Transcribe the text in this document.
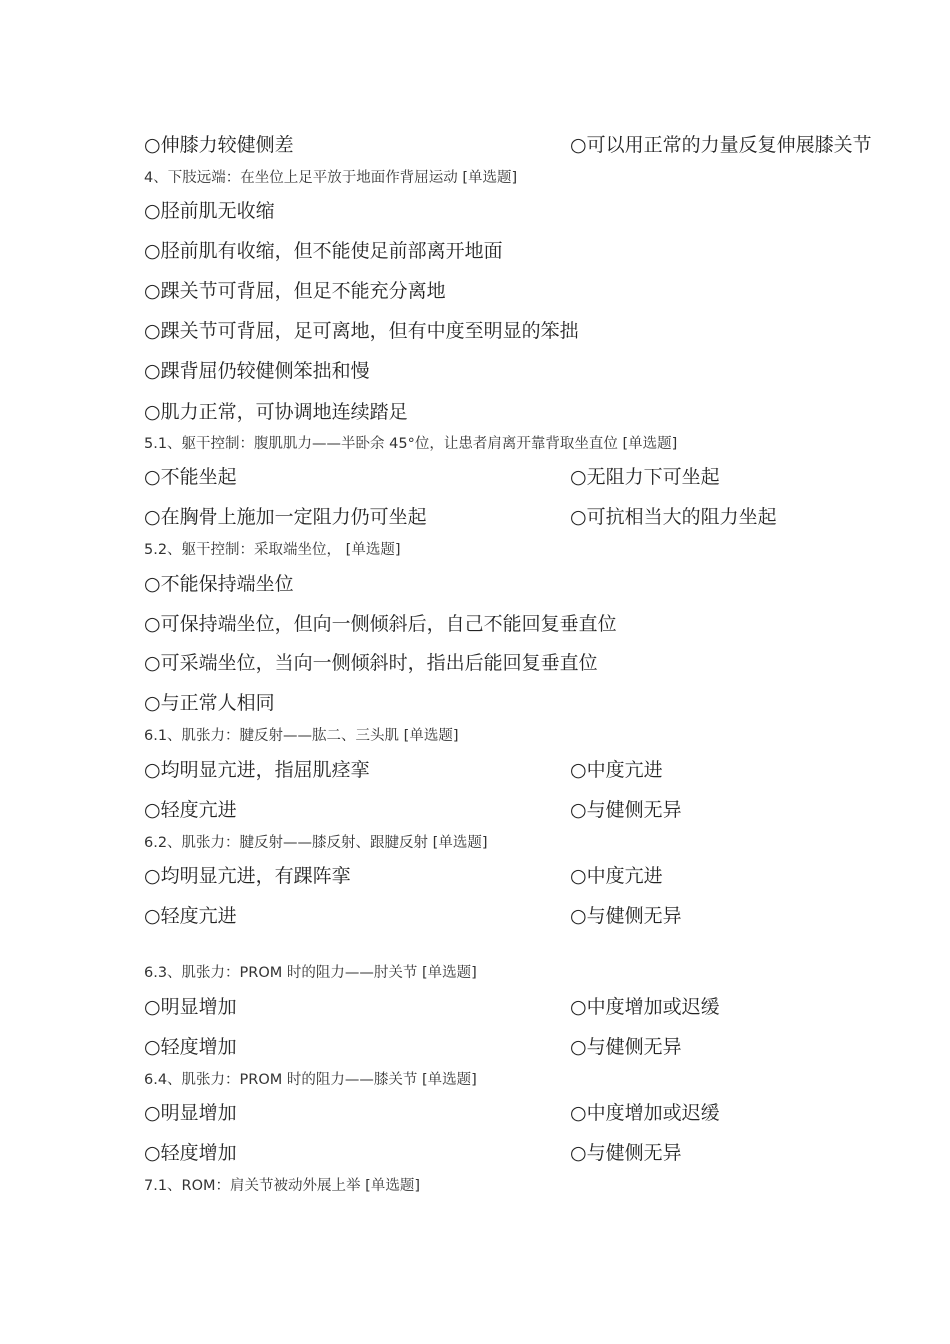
○伸膝力较健侧差	○可以用正常的力量反复伸展膝关节
4、下肢远端：在坐位上足平放于地面作背屈运动 [单选题]
○胫前肌无收缩
○胫前肌有收缩，但不能使足前部离开地面
○踝关节可背屈，但足不能充分离地
○踝关节可背屈，足可离地，但有中度至明显的笨拙
○踝背屈仍较健侧笨拙和慢
○肌力正常，可协调地连续踏足
5.1、躯干控制：腹肌肌力——半卧余 45°位，让患者肩离开靠背取坐直位 [单选题]
○不能坐起	○无阻力下可坐起
○在胸骨上施加一定阻力仍可坐起	○可抗相当大的阻力坐起
5.2、躯干控制：采取端坐位， [单选题]
○不能保持端坐位
○可保持端坐位，但向一侧倾斜后，自己不能回复垂直位
○可采端坐位，当向一侧倾斜时，指出后能回复垂直位
○与正常人相同
6.1、肌张力：腱反射——肱二、三头肌 [单选题]
○均明显亢进，指屈肌痉挛	○中度亢进
○轻度亢进	○与健侧无异
6.2、肌张力：腱反射——膝反射、跟腱反射 [单选题]
○均明显亢进，有踝阵挛	○中度亢进
○轻度亢进	○与健侧无异
6.3、肌张力：PROM 时的阻力——肘关节 [单选题]
○明显增加	○中度增加或迟缓
○轻度增加	○与健侧无异
6.4、肌张力：PROM 时的阻力——膝关节 [单选题]
○明显增加	○中度增加或迟缓
○轻度增加	○与健侧无异
7.1、ROM：肩关节被动外展上举 [单选题]
